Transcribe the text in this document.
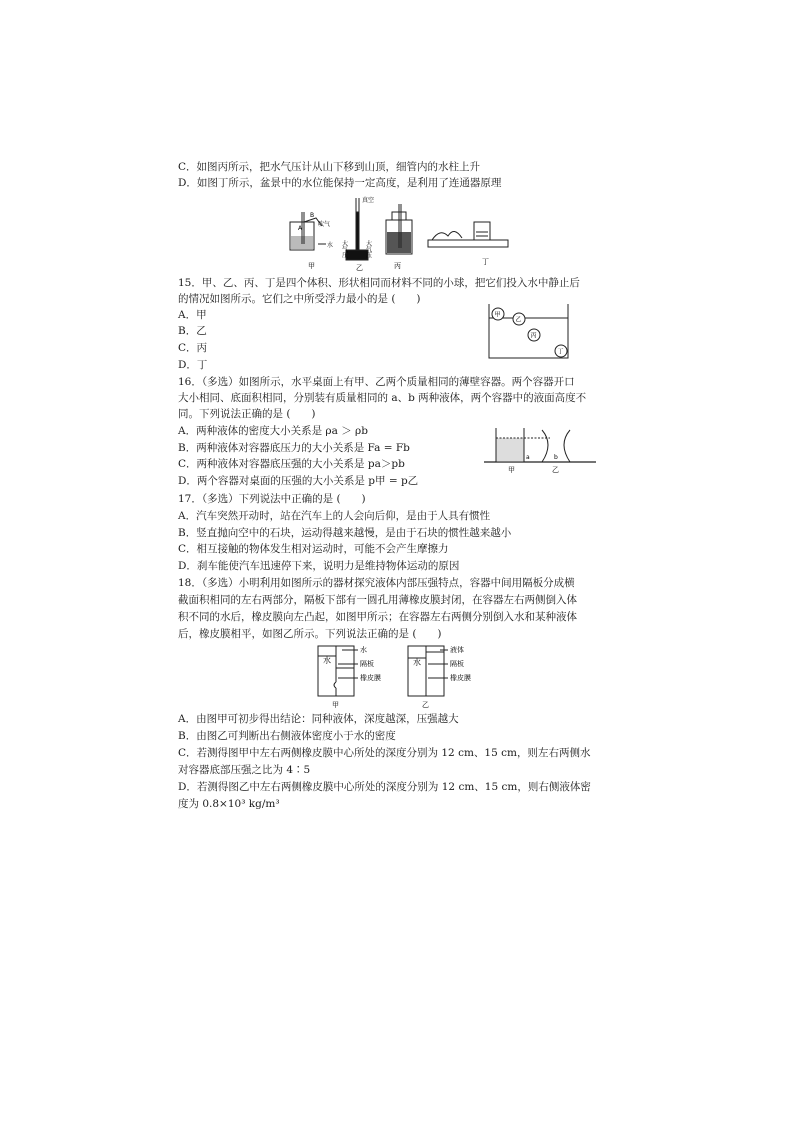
C．如图丙所示，把水气压计从山下移到山顶，细管内的水柱上升
D．如图丁所示，盆景中的水位能保持一定高度，是利用了连通器原理
B
A
吹气
水
甲
真空
大气压	大气压
乙	丙	丁
15．甲、乙、丙、丁是四个体积、形状相同而材料不同的小球，把它们投入水中静止后
的情况如图所示。它们之中所受浮力最小的是 (　　)
A．甲
B．乙
C．丙
D．丁
甲
乙
丙
丁
16．（多选）如图所示，水平桌面上有甲、乙两个质量相同的薄壁容器。两个容器开口
大小相同、底面积相同，分别装有质量相同的 a、b 两种液体，两个容器中的液面高度不
同。下列说法正确的是 (　　)
A．两种液体的密度大小关系是 ρa ＞ ρb
B．两种液体对容器底压力的大小关系是 Fa = Fb
C．两种液体对容器底压强的大小关系是 pa＞pb
D．两个容器对桌面的压强的大小关系是 p甲 = p乙
a	b
甲	乙
17．（多选）下列说法中正确的是 (　　)
A．汽车突然开动时，站在汽车上的人会向后仰，是由于人具有惯性
B．竖直抛向空中的石块，运动得越来越慢，是由于石块的惯性越来越小
C．相互接触的物体发生相对运动时，可能不会产生摩擦力
D．刹车能使汽车迅速停下来，说明力是维持物体运动的原因
18．（多选）小明利用如图所示的器材探究液体内部压强特点，容器中间用隔板分成横
截面积相同的左右两部分，隔板下部有一圆孔用薄橡皮膜封闭，在容器左右两侧倒入体
积不同的水后，橡皮膜向左凸起，如图甲所示；在容器左右两侧分别倒入水和某种液体
后，橡皮膜相平，如图乙所示。下列说法正确的是 (　　)
水
水
隔板
橡皮膜
甲
水
液体
隔板
橡皮膜
乙
A．由图甲可初步得出结论：同种液体，深度越深，压强越大
B．由图乙可判断出右侧液体密度小于水的密度
C．若测得图甲中左右两侧橡皮膜中心所处的深度分别为 12 cm、15 cm，则左右两侧水
对容器底部压强之比为 4∶5
D．若测得图乙中左右两侧橡皮膜中心所处的深度分别为 12 cm、15 cm，则右侧液体密
度为 0.8×10³ kg/m³
